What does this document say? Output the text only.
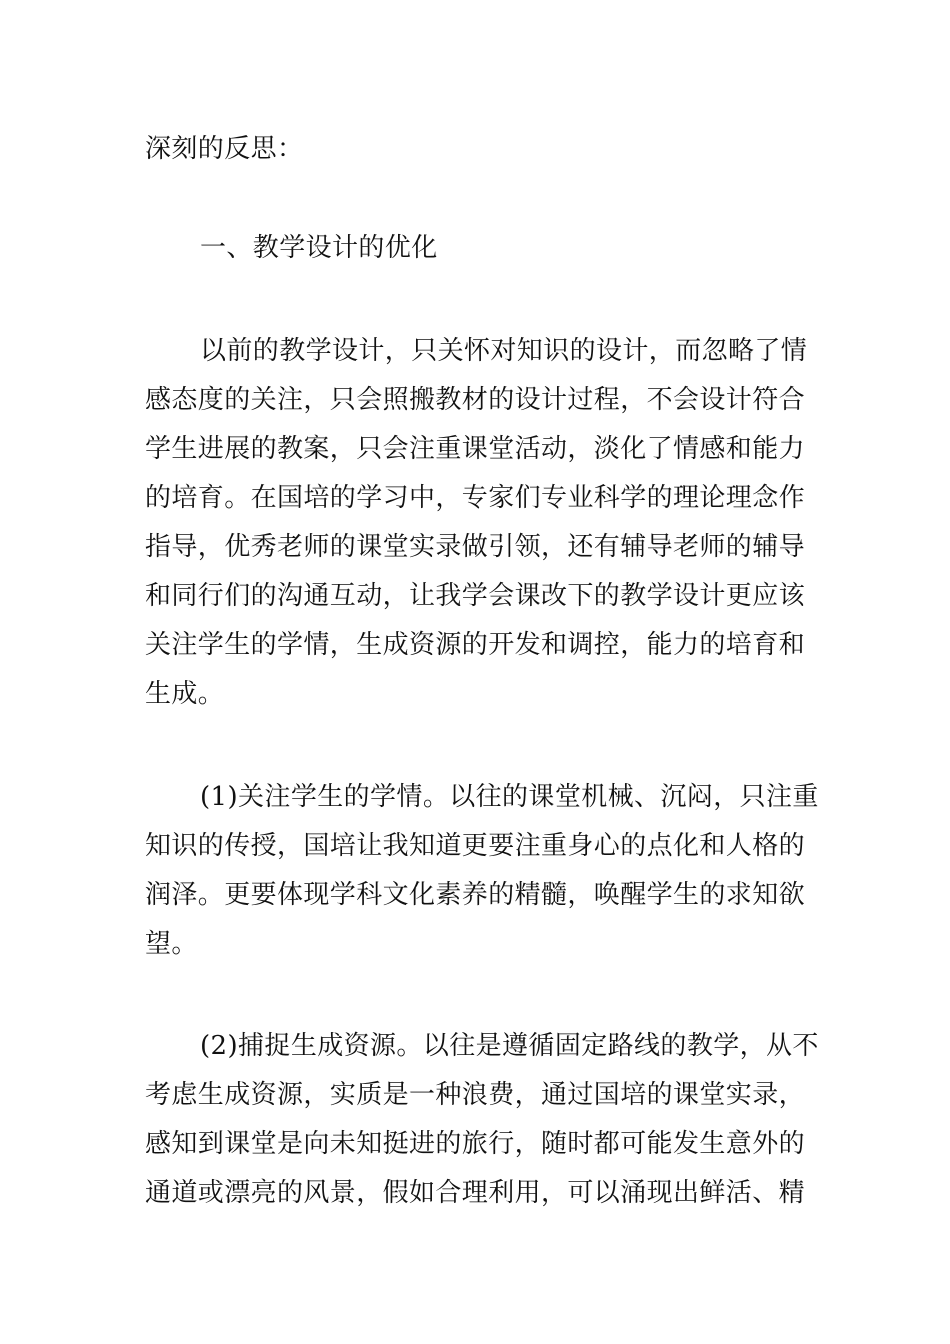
深刻的反思：
一、教学设计的优化
以前的教学设计，只关怀对知识的设计，而忽略了情
感态度的关注，只会照搬教材的设计过程，不会设计符合
学生进展的教案，只会注重课堂活动，淡化了情感和能力
的培育。在国培的学习中，专家们专业科学的理论理念作
指导，优秀老师的课堂实录做引领，还有辅导老师的辅导
和同行们的沟通互动，让我学会课改下的教学设计更应该
关注学生的学情，生成资源的开发和调控，能力的培育和
生成。
(1)关注学生的学情。以往的课堂机械、沉闷，只注重
知识的传授，国培让我知道更要注重身心的点化和人格的
润泽。更要体现学科文化素养的精髓，唤醒学生的求知欲
望。
(2)捕捉生成资源。以往是遵循固定路线的教学，从不
考虑生成资源，实质是一种浪费，通过国培的课堂实录，
感知到课堂是向未知挺进的旅行，随时都可能发生意外的
通道或漂亮的风景，假如合理利用，可以涌现出鲜活、精
